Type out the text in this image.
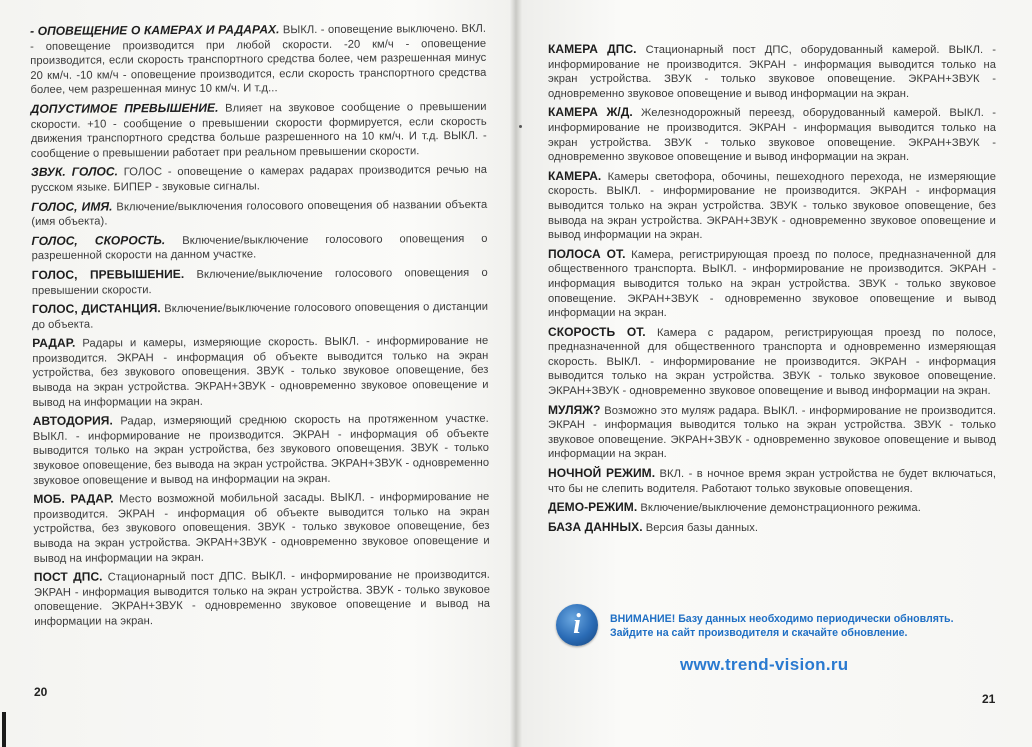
- ОПОВЕЩЕНИЕ О КАМЕРАХ И РАДАРАХ. ВЫКЛ. - оповещение выключено. ВКЛ. - оповещение производится при любой скорости. -20 км/ч - оповещение производится, если скорость транспортного средства более, чем разрешенная минус 20 км/ч. -10 км/ч - оповещение производится, если скорость транспортного средства более, чем разрешенная минус 10 км/ч. И т.д...

ДОПУСТИМОЕ ПРЕВЫШЕНИЕ. Влияет на звуковое сообщение о превышении скорости. +10 - сообщение о превышении скорости формируется, если скорость движения транспортного средства больше разрешенного на 10 км/ч. И т.д. ВЫКЛ. - сообщение о превышении работает при реальном превышении скорости.

ЗВУК. ГОЛОС. ГОЛОС - оповещение о камерах радарах производится речью на русском языке. БИПЕР - звуковые сигналы.

ГОЛОС, ИМЯ. Включение/выключения голосового оповещения об названии объекта (имя объекта).

ГОЛОС, СКОРОСТЬ. Включение/выключение голосового оповещения о разрешенной скорости на данном участке.

ГОЛОС, ПРЕВЫШЕНИЕ. Включение/выключение голосового оповещения о превышении скорости.

ГОЛОС, ДИСТАНЦИЯ. Включение/выключение голосового оповещения о дистанции до объекта.

РАДАР. Радары и камеры, измеряющие скорость. ВЫКЛ. - информирование не производится. ЭКРАН - информация об объекте выводится только на экран устройства, без звукового оповещения. ЗВУК - только звуковое оповещение, без вывода на экран устройства. ЭКРАН+ЗВУК - одновременно звуковое оповещение и вывод на информации на экран.

АВТОДОРИЯ. Радар, измеряющий среднюю скорость на протяженном участке. ВЫКЛ. - информирование не производится. ЭКРАН - информация об объекте выводится только на экран устройства, без звукового оповещения. ЗВУК - только звуковое оповещение, без вывода на экран устройства. ЭКРАН+ЗВУК - одновременно звуковое оповещение и вывод на информации на экран.

МОБ. РАДАР. Место возможной мобильной засады. ВЫКЛ. - информирование не производится. ЭКРАН - информация об объекте выводится только на экран устройства, без звукового оповещения. ЗВУК - только звуковое оповещение, без вывода на экран устройства. ЭКРАН+ЗВУК - одновременно звуковое оповещение и вывод на информации на экран.

ПОСТ ДПС. Стационарный пост ДПС. ВЫКЛ. - информирование не производится. ЭКРАН - информация выводится только на экран устройства. ЗВУК - только звуковое оповещение. ЭКРАН+ЗВУК - одновременно звуковое оповещение и вывод на информации на экран.

20

КАМЕРА ДПС. Стационарный пост ДПС, оборудованный камерой. ВЫКЛ. - информирование не производится. ЭКРАН - информация выводится только на экран устройства. ЗВУК - только звуковое оповещение. ЭКРАН+ЗВУК - одновременно звуковое оповещение и вывод информации на экран.

КАМЕРА Ж/Д. Железнодорожный переезд, оборудованный камерой. ВЫКЛ. - информирование не производится. ЭКРАН - информация выводится только на экран устройства. ЗВУК - только звуковое оповещение. ЭКРАН+ЗВУК - одновременно звуковое оповещение и вывод информации на экран.

КАМЕРА. Камеры светофора, обочины, пешеходного перехода, не измеряющие скорость. ВЫКЛ. - информирование не производится. ЭКРАН - информация выводится только на экран устройства. ЗВУК - только звуковое оповещение, без вывода на экран устройства. ЭКРАН+ЗВУК - одновременно звуковое оповещение и вывод информации на экран.

ПОЛОСА ОТ. Камера, регистрирующая проезд по полосе, предназначенной для общественного транспорта. ВЫКЛ. - информирование не производится. ЭКРАН - информация выводится только на экран устройства. ЗВУК - только звуковое оповещение. ЭКРАН+ЗВУК - одновременно звуковое оповещение и вывод информации на экран.

СКОРОСТЬ ОТ. Камера с радаром, регистрирующая проезд по полосе, предназначенной для общественного транспорта и одновременно измеряющая скорость. ВЫКЛ. - информирование не производится. ЭКРАН - информация выводится только на экран устройства. ЗВУК - только звуковое оповещение. ЭКРАН+ЗВУК - одновременно звуковое оповещение и вывод информации на экран.

МУЛЯЖ? Возможно это муляж радара. ВЫКЛ. - информирование не производится. ЭКРАН - информация выводится только на экран устройства. ЗВУК - только звуковое оповещение. ЭКРАН+ЗВУК - одновременно звуковое оповещение и вывод информации на экран.

НОЧНОЙ РЕЖИМ. ВКЛ. - в ночное время экран устройства не будет включаться, что бы не слепить водителя. Работают только звуковые оповещения.

ДЕМО-РЕЖИМ. Включение/выключение демонстрационного режима.

БАЗА ДАННЫХ. Версия базы данных.

i	ВНИМАНИЕ! Базу данных необходимо периодически обновлять.
Зайдите на сайт производителя и скачайте обновление.
www.trend-vision.ru
21
